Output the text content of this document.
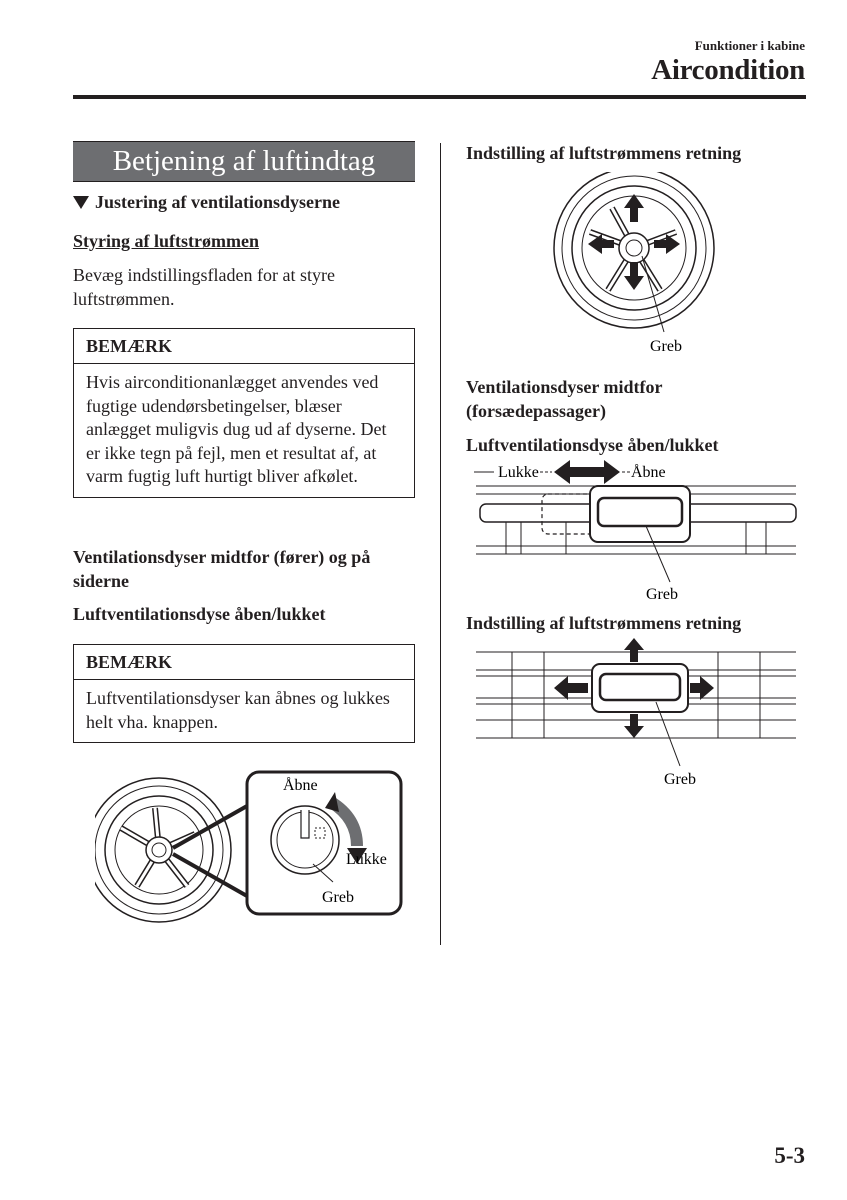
Funktioner i kabine
Aircondition
Betjening af luftindtag
Justering af ventilationsdyserne
Styring af luftstrømmen
Bevæg indstillingsfladen for at styre luftstrømmen.
BEMÆRK
Hvis airconditionanlægget anvendes ved fugtige udendørsbetingelser, blæser anlægget muligvis dug ud af dyserne. Det er ikke tegn på fejl, men et resultat af, at varm fugtig luft hurtigt bliver afkølet.
Ventilationsdyser midtfor (fører) og på siderne
Luftventilationsdyse åben/lukket
BEMÆRK
Luftventilationsdyser kan åbnes og lukkes helt vha. knappen.
Åbne
Lukke
Greb
Indstilling af luftstrømmens retning
Greb
Ventilationsdyser midtfor (forsædepassager)
Luftventilationsdyse åben/lukket
Lukke	Åbne
Greb
Indstilling af luftstrømmens retning
Greb
5-3
